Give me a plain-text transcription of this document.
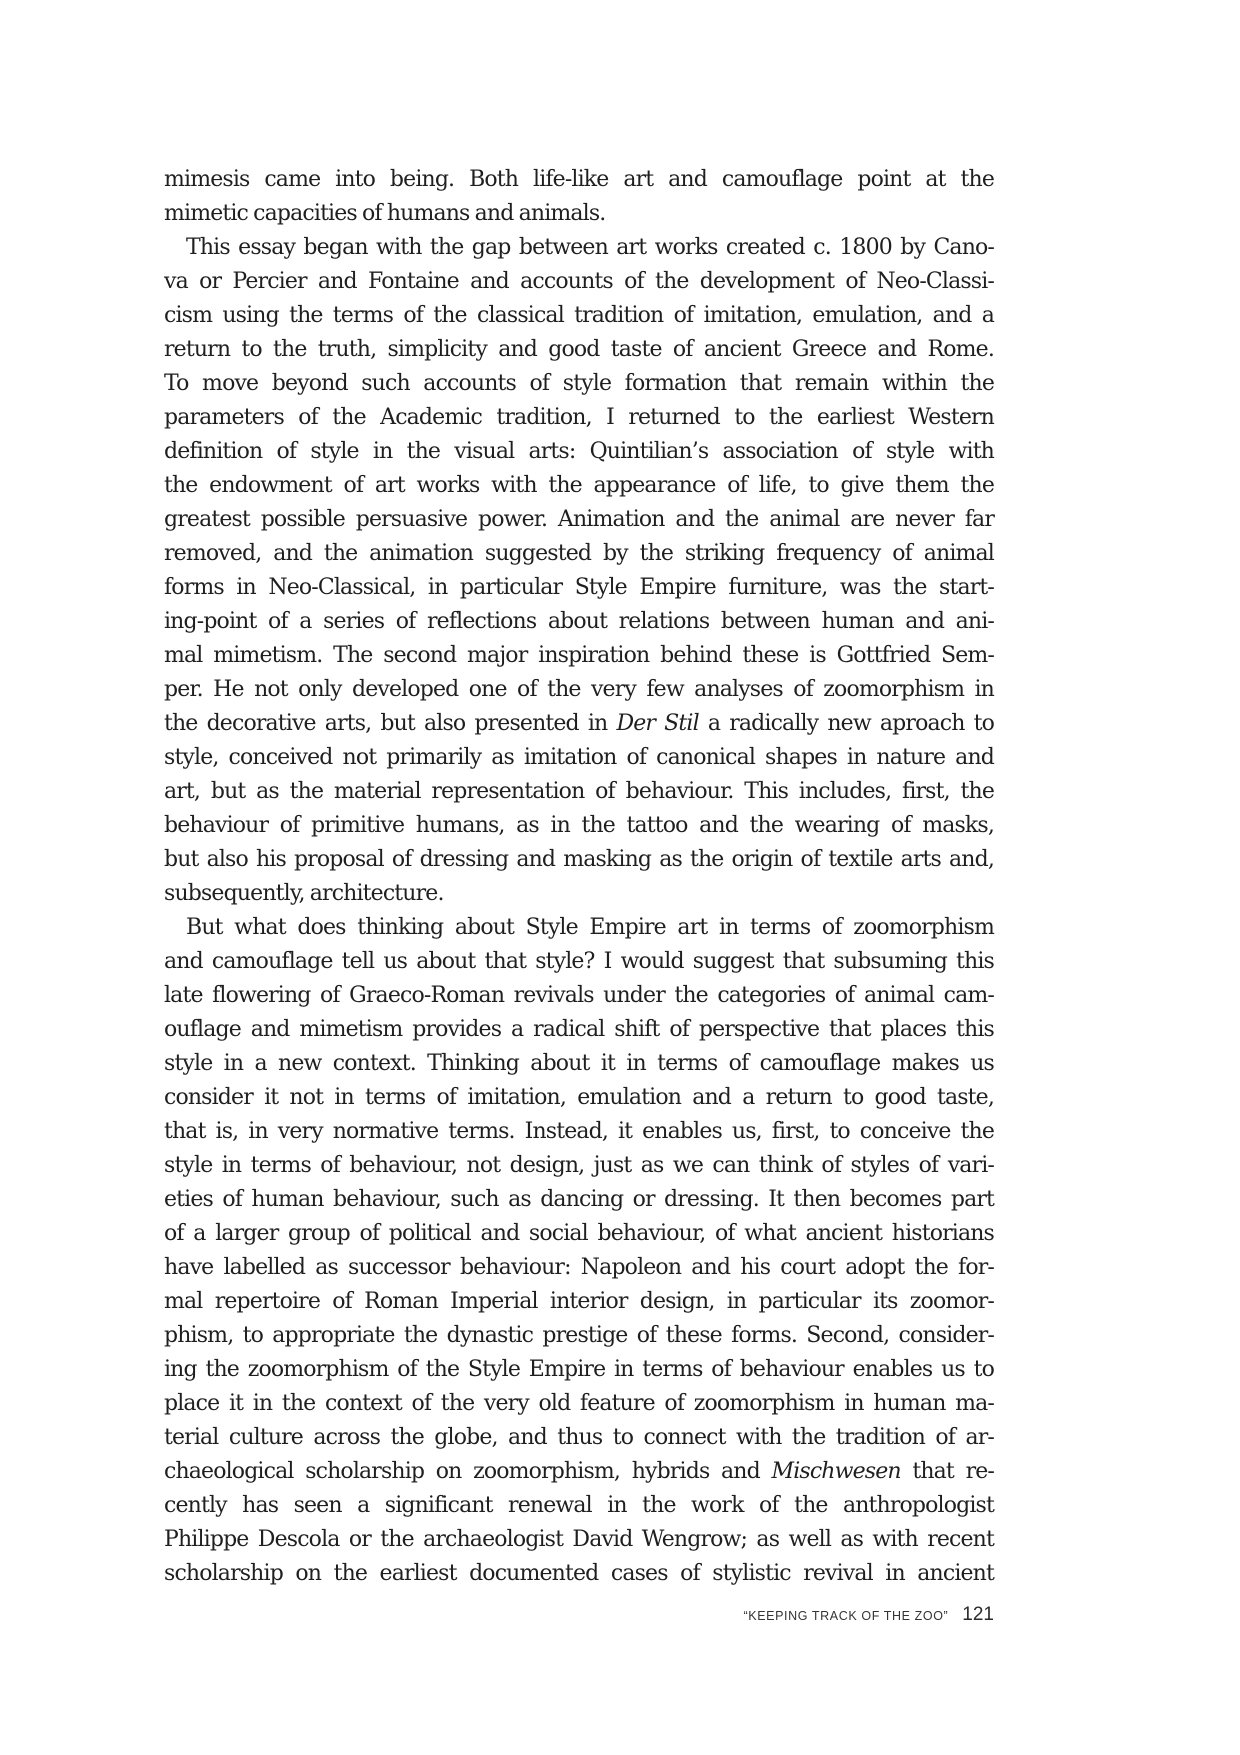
mimesis came into being. Both life-like art and camouflage point at the
mimetic capacities of humans and animals.
This essay began with the gap between art works created c. 1800 by Cano-
va or Percier and Fontaine and accounts of the development of Neo-Classi-
cism using the terms of the classical tradition of imitation, emulation, and a
return to the truth, simplicity and good taste of ancient Greece and Rome.
To move beyond such accounts of style formation that remain within the
parameters of the Academic tradition, I returned to the earliest Western
definition of style in the visual arts: Quintilian’s association of style with
the endowment of art works with the appearance of life, to give them the
greatest possible persuasive power. Animation and the animal are never far
removed, and the animation suggested by the striking frequency of animal
forms in Neo-Classical, in particular Style Empire furniture, was the start-
ing-point of a series of reflections about relations between human and ani-
mal mimetism. The second major inspiration behind these is Gottfried Sem-
per. He not only developed one of the very few analyses of zoomorphism in
the decorative arts, but also presented in Der Stil a radically new aproach to
style, conceived not primarily as imitation of canonical shapes in nature and
art, but as the material representation of behaviour. This includes, first, the
behaviour of primitive humans, as in the tattoo and the wearing of masks,
but also his proposal of dressing and masking as the origin of textile arts and,
subsequently, architecture.
But what does thinking about Style Empire art in terms of zoomorphism
and camouflage tell us about that style? I would suggest that subsuming this
late flowering of Graeco-Roman revivals under the categories of animal cam-
ouflage and mimetism provides a radical shift of perspective that places this
style in a new context. Thinking about it in terms of camouflage makes us
consider it not in terms of imitation, emulation and a return to good taste,
that is, in very normative terms. Instead, it enables us, first, to conceive the
style in terms of behaviour, not design, just as we can think of styles of vari-
eties of human behaviour, such as dancing or dressing. It then becomes part
of a larger group of political and social behaviour, of what ancient historians
have labelled as successor behaviour: Napoleon and his court adopt the for-
mal repertoire of Roman Imperial interior design, in particular its zoomor-
phism, to appropriate the dynastic prestige of these forms. Second, consider-
ing the zoomorphism of the Style Empire in terms of behaviour enables us to
place it in the context of the very old feature of zoomorphism in human ma-
terial culture across the globe, and thus to connect with the tradition of ar-
chaeological scholarship on zoomorphism, hybrids and Mischwesen that re-
cently has seen a significant renewal in the work of the anthropologist
Philippe Descola or the archaeologist David Wengrow; as well as with recent
scholarship on the earliest documented cases of stylistic revival in ancient
“KEEPING TRACK OF THE ZOO” 121
